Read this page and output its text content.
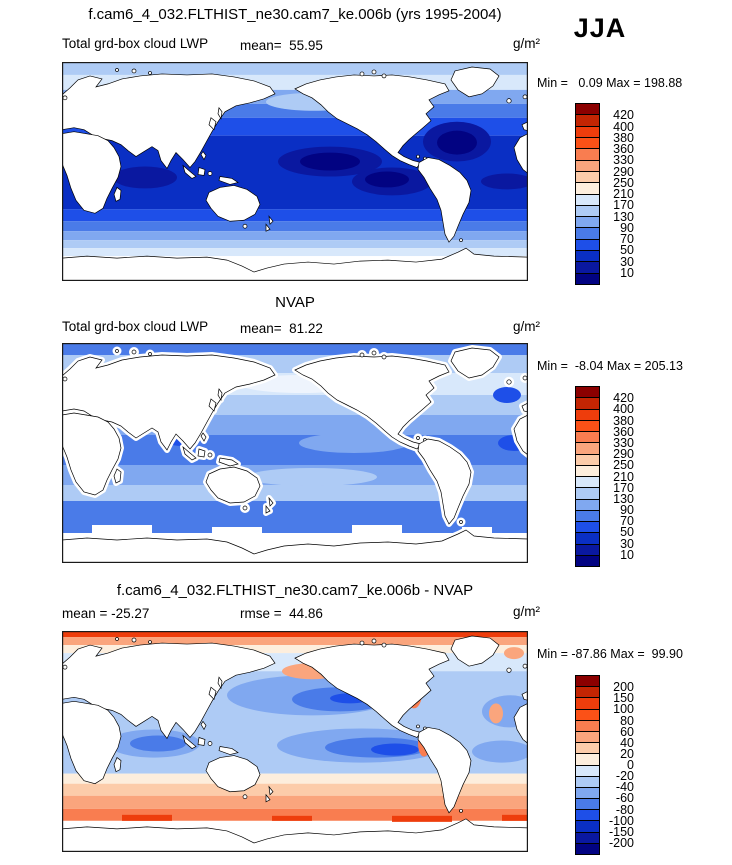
JJA
f.cam6_4_032.FLTHIST_ne30.cam7_ke.006b (yrs 1995-2004)
Total grd-box cloud LWP mean=  55.95	g/m²
Min =   0.09 Max = 198.88
420
400
380
360
330
290
250
210
170
130
90
70
50
30
10
NVAP
Total grd-box cloud LWP mean=  81.22	g/m²
Min =  -8.04 Max = 205.13
420
400
380
360
330
290
250
210
170
130
90
70
50
30
10
f.cam6_4_032.FLTHIST_ne30.cam7_ke.006b - NVAP
mean = -25.27	rmse =  44.86	g/m²
Min = -87.86 Max =  99.90
200
150
100
80
60
40
20
0
-20
-40
-60
-80
-100
-150
-200
